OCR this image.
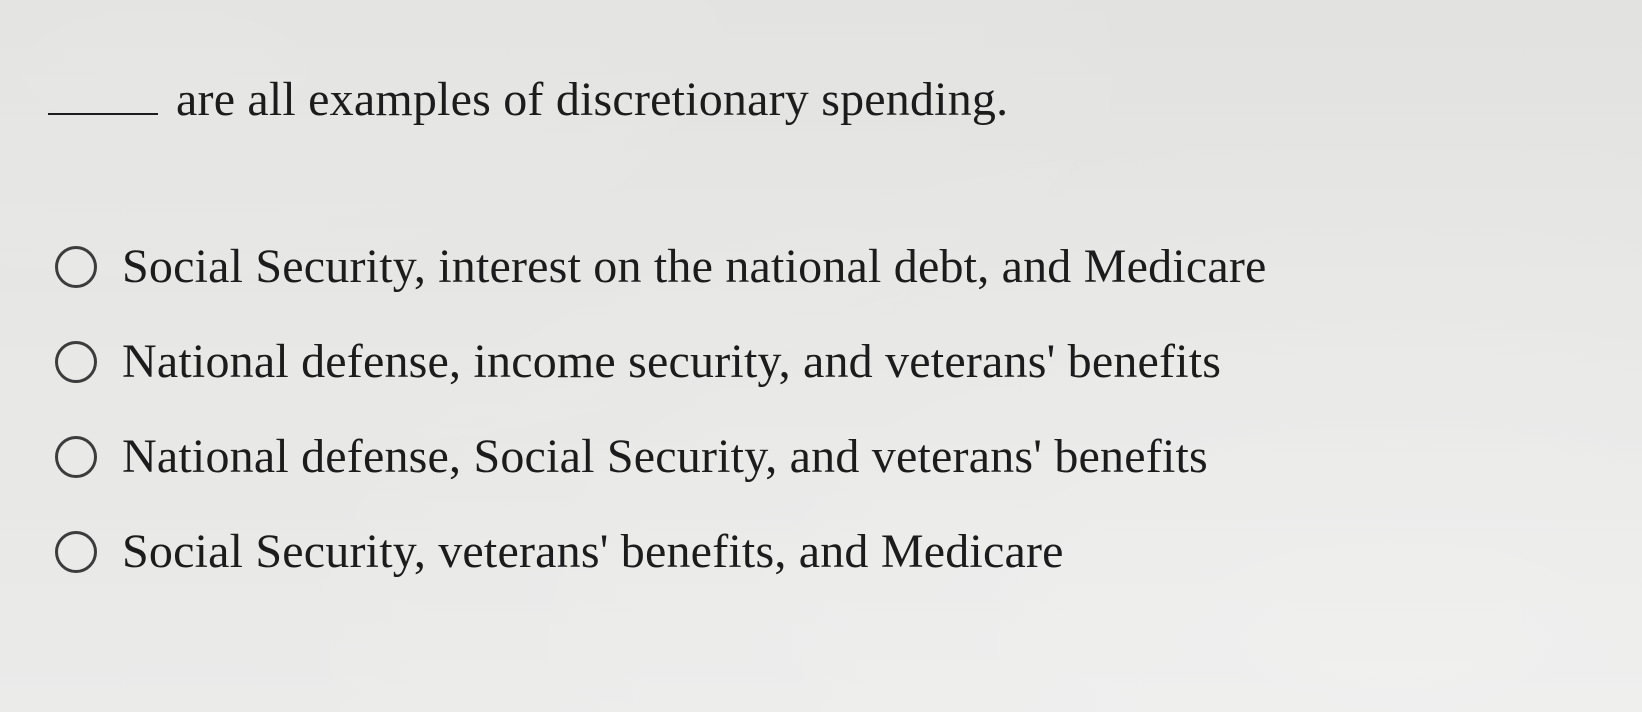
are all examples of discretionary spending.
Social Security, interest on the national debt, and Medicare
National defense, income security, and veterans' benefits
National defense, Social Security, and veterans' benefits
Social Security, veterans' benefits, and Medicare
